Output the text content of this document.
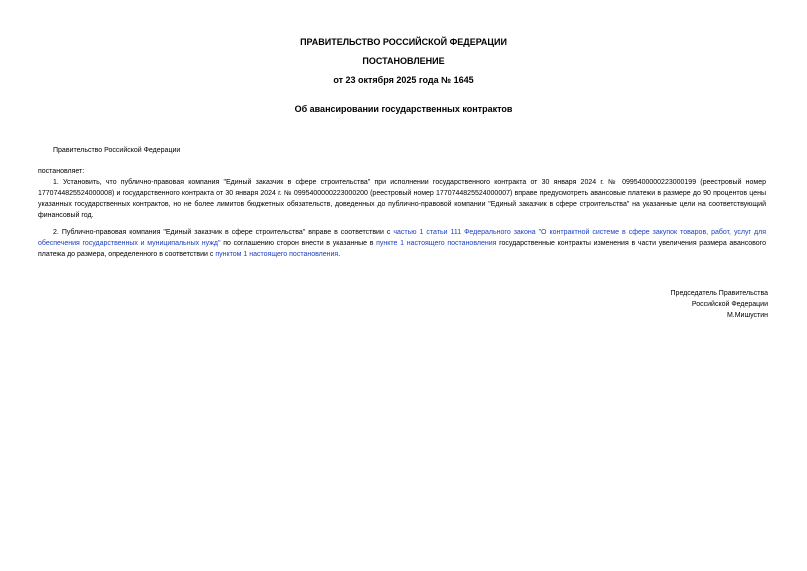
ПРАВИТЕЛЬСТВО РОССИЙСКОЙ ФЕДЕРАЦИИ
ПОСТАНОВЛЕНИЕ
от 23 октября 2025 года № 1645
Об авансировании государственных контрактов
Правительство Российской Федерации
постановляет:
1. Установить, что публично-правовая компания "Единый заказчик в сфере строительства" при исполнении государственного контракта от 30 января 2024 г. № 0995400000223000199 (реестровый номер 1770744825524000008) и государственного контракта от 30 января 2024 г. № 0995400000223000200 (реестровый номер 1770744825524000007) вправе предусмотреть авансовые платежи в размере до 90 процентов цены указанных государственных контрактов, но не более лимитов бюджетных обязательств, доведенных до публично-правовой компании "Единый заказчик в сфере строительства" на указанные цели на соответствующий финансовый год.
2. Публично-правовая компания "Единый заказчик в сфере строительства" вправе в соответствии с частью 1 статьи 111 Федерального закона "О контрактной системе в сфере закупок товаров, работ, услуг для обеспечения государственных и муниципальных нужд" по соглашению сторон внести в указанные в пункте 1 настоящего постановления государственные контракты изменения в части увеличения размера авансового платежа до размера, определенного в соответствии с пунктом 1 настоящего постановления.
Председатель Правительства
Российской Федерации
М.Мишустин
